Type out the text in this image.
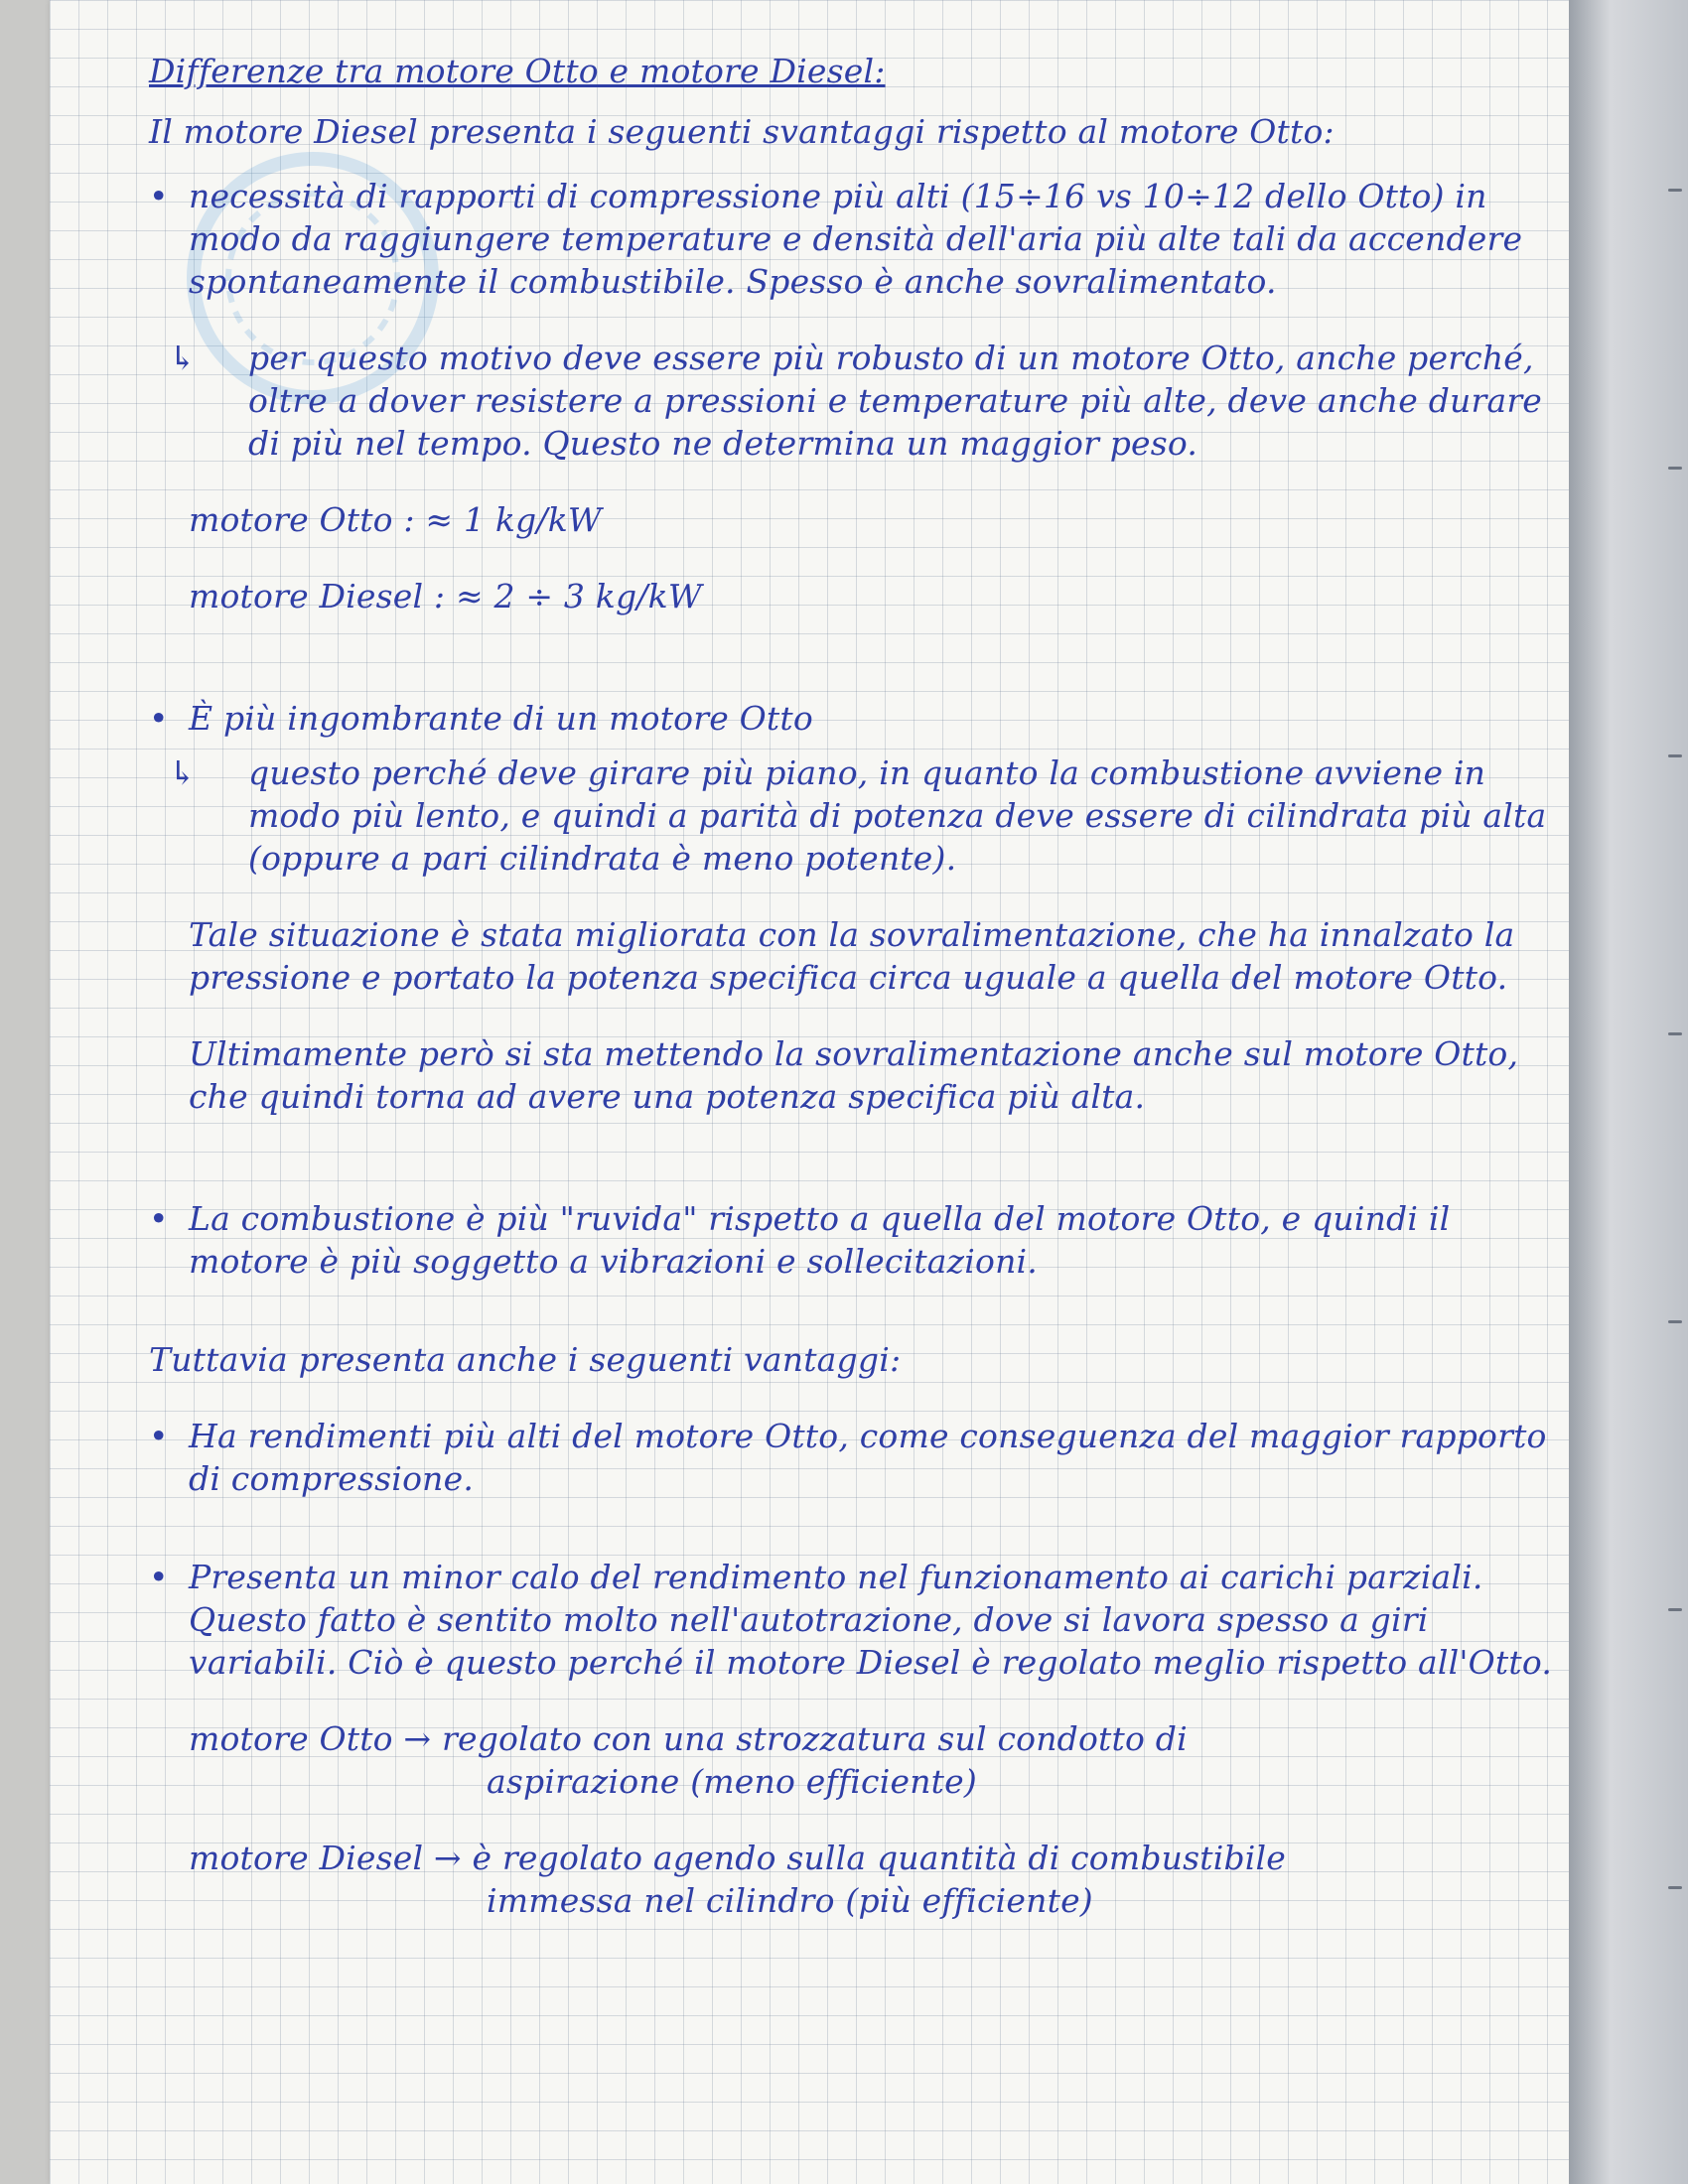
Differenze tra motore Otto e motore Diesel:

Il motore Diesel presenta i seguenti svantaggi rispetto al motore Otto:

• necessità di rapporti di compressione più alti (15÷16 vs 10÷12 dello Otto) in modo da raggiungere temperature e densità dell'aria più alte tali da accendere spontaneamente il combustibile. Spesso è anche sovralimentato.

↳ per questo motivo deve essere più robusto di un motore Otto, anche perché, oltre a dover resistere a pressioni e temperature più alte, deve anche durare di più nel tempo. Questo ne determina un maggior peso.

motore Otto : ≈ 1 kg/kW

motore Diesel : ≈ 2 ÷ 3 kg/kW

• È più ingombrante di un motore Otto

↳ questo perché deve girare più piano, in quanto la combustione avviene in modo più lento, e quindi a parità di potenza deve essere di cilindrata più alta (oppure a pari cilindrata è meno potente).

Tale situazione è stata migliorata con la sovralimentazione, che ha innalzato la pressione e portato la potenza specifica circa uguale a quella del motore Otto.

Ultimamente però si sta mettendo la sovralimentazione anche sul motore Otto, che quindi torna ad avere una potenza specifica più alta.

• La combustione è più "ruvida" rispetto a quella del motore Otto, e quindi il motore è più soggetto a vibrazioni e sollecitazioni.

Tuttavia presenta anche i seguenti vantaggi:

• Ha rendimenti più alti del motore Otto, come conseguenza del maggior rapporto di compressione.

• Presenta un minor calo del rendimento nel funzionamento ai carichi parziali. Questo fatto è sentito molto nell'autotrazione, dove si lavora spesso a giri variabili. Ciò è questo perché il motore Diesel è regolato meglio rispetto all'Otto.

motore Otto → regolato con una strozzatura sul condotto di

aspirazione (meno efficiente)

motore Diesel → è regolato agendo sulla quantità di combustibile

immessa nel cilindro (più efficiente)
